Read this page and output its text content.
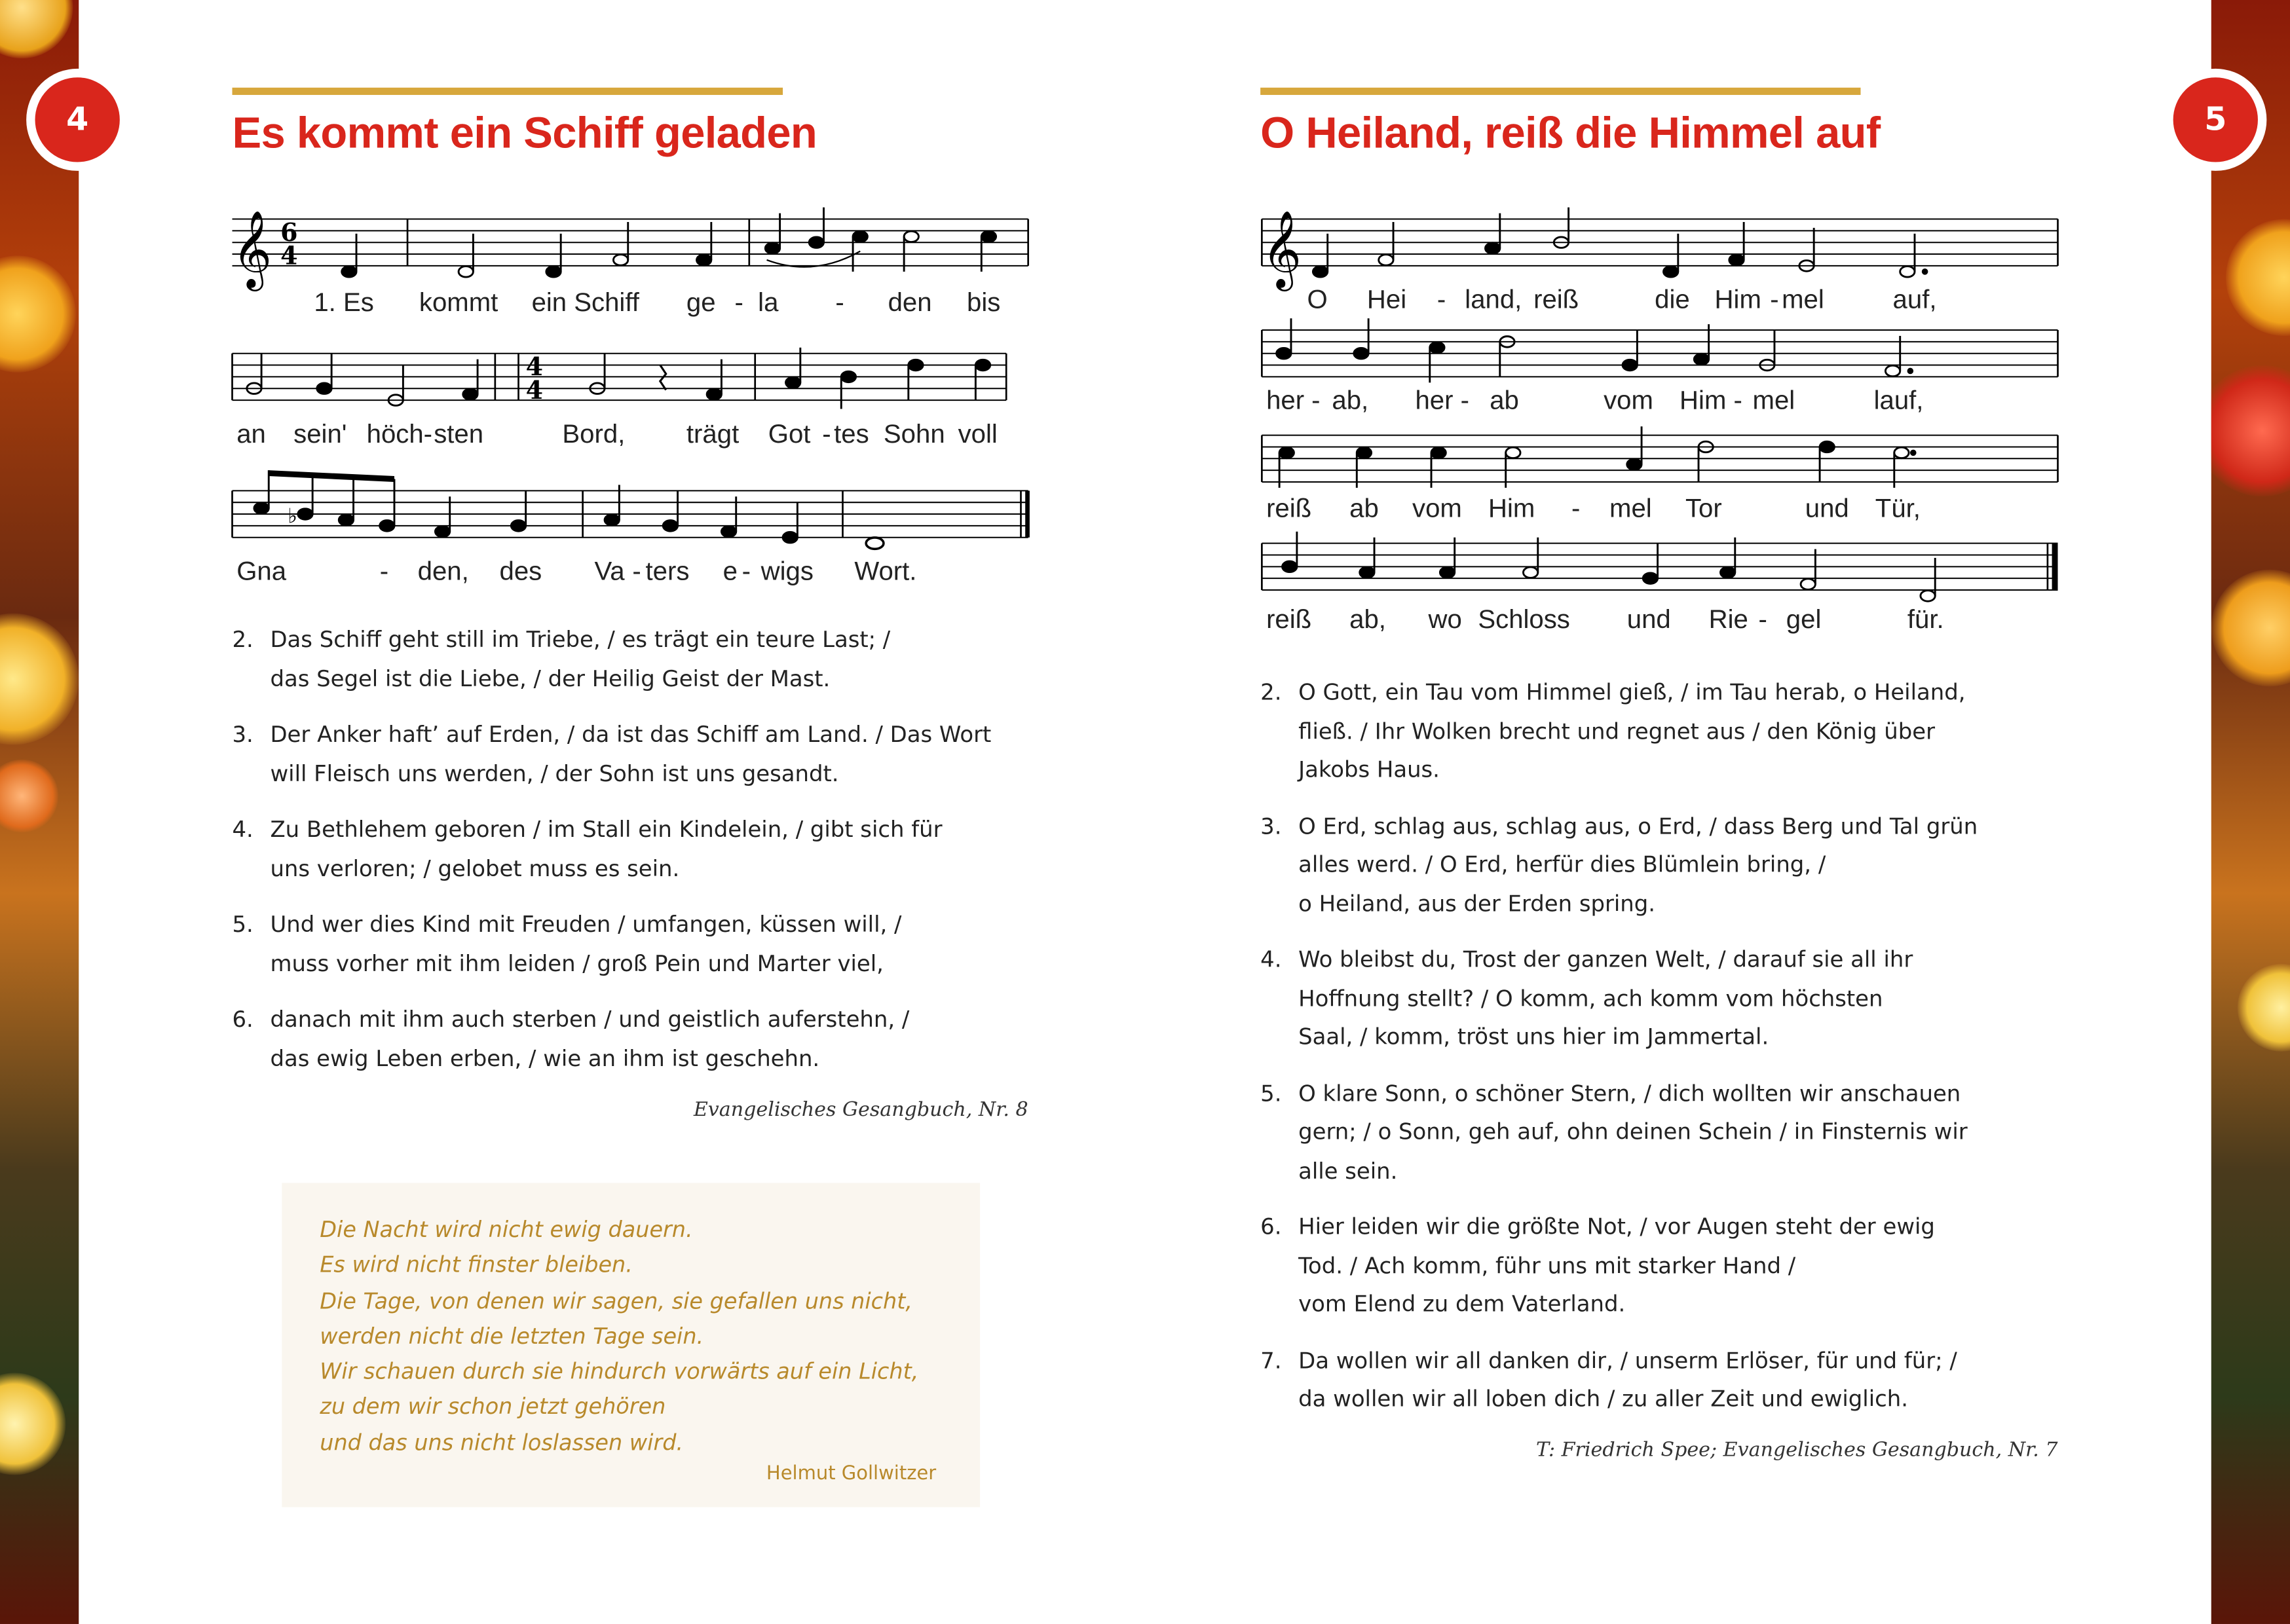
4	5
Es kommt ein Schiff geladen	O Heiland, reiß die Himmel auf
𝄞 6
4
4
4
♭
1. Es	kommt	ein Schiff	ge - la	-	den	bis
an sein' höch - sten	Bord,	trägt Got - tes Sohn voll
Gna	- den,	des	Va - ters	e - wigs	Wort.
2.	Das Schiff geht still im Triebe, / es trägt ein teure Last; /
das Segel ist die Liebe, / der Heilig Geist der Mast.
3.	Der Anker haft’ auf Erden, / da ist das Schiff am Land. / Das Wort
will Fleisch uns werden, / der Sohn ist uns gesandt.
4.	Zu Bethlehem geboren / im Stall ein Kindelein, / gibt sich für
uns verloren; / gelobet muss es sein.
5.	Und wer dies Kind mit Freuden / umfangen, küssen will, /
muss vorher mit ihm leiden / groß Pein und Marter viel,
6.	danach mit ihm auch sterben / und geistlich auferstehn, /
das ewig Leben erben, / wie an ihm ist geschehn.
Evangelisches Gesangbuch, Nr. 8
Die Nacht wird nicht ewig dauern.
Es wird nicht finster bleiben.
Die Tage, von denen wir sagen, sie gefallen uns nicht,
werden nicht die letzten Tage sein.
Wir schauen durch sie hindurch vorwärts auf ein Licht,
zu dem wir schon jetzt gehören
und das uns nicht loslassen wird.
Helmut Gollwitzer
𝄞
O	Hei	- land, reiß	die Him - mel	auf,
her - ab,	her - ab	vom Him - mel	lauf,
reiß	ab	vom Him	- mel	Tor	und Tür,
reiß	ab,	wo Schloss	und	Rie - gel	für.
2.	O Gott, ein Tau vom Himmel gieß, / im Tau herab, o Heiland,
fließ. / Ihr Wolken brecht und regnet aus / den König über
Jakobs Haus.
3.	O Erd, schlag aus, schlag aus, o Erd, / dass Berg und Tal grün
alles werd. / O Erd, herfür dies Blümlein bring, /
o Heiland, aus der Erden spring.
4.	Wo bleibst du, Trost der ganzen Welt, / darauf sie all ihr
Hoffnung stellt? / O komm, ach komm vom höchsten
Saal, / komm, tröst uns hier im Jammertal.
5.	O klare Sonn, o schöner Stern, / dich wollten wir anschauen
gern; / o Sonn, geh auf, ohn deinen Schein / in Finsternis wir
alle sein.
6.	Hier leiden wir die größte Not, / vor Augen steht der ewig
Tod. / Ach komm, führ uns mit starker Hand /
vom Elend zu dem Vaterland.
7.	Da wollen wir all danken dir, / unserm Erlöser, für und für; /
da wollen wir all loben dich / zu aller Zeit und ewiglich.
T: Friedrich Spee; Evangelisches Gesangbuch, Nr. 7
